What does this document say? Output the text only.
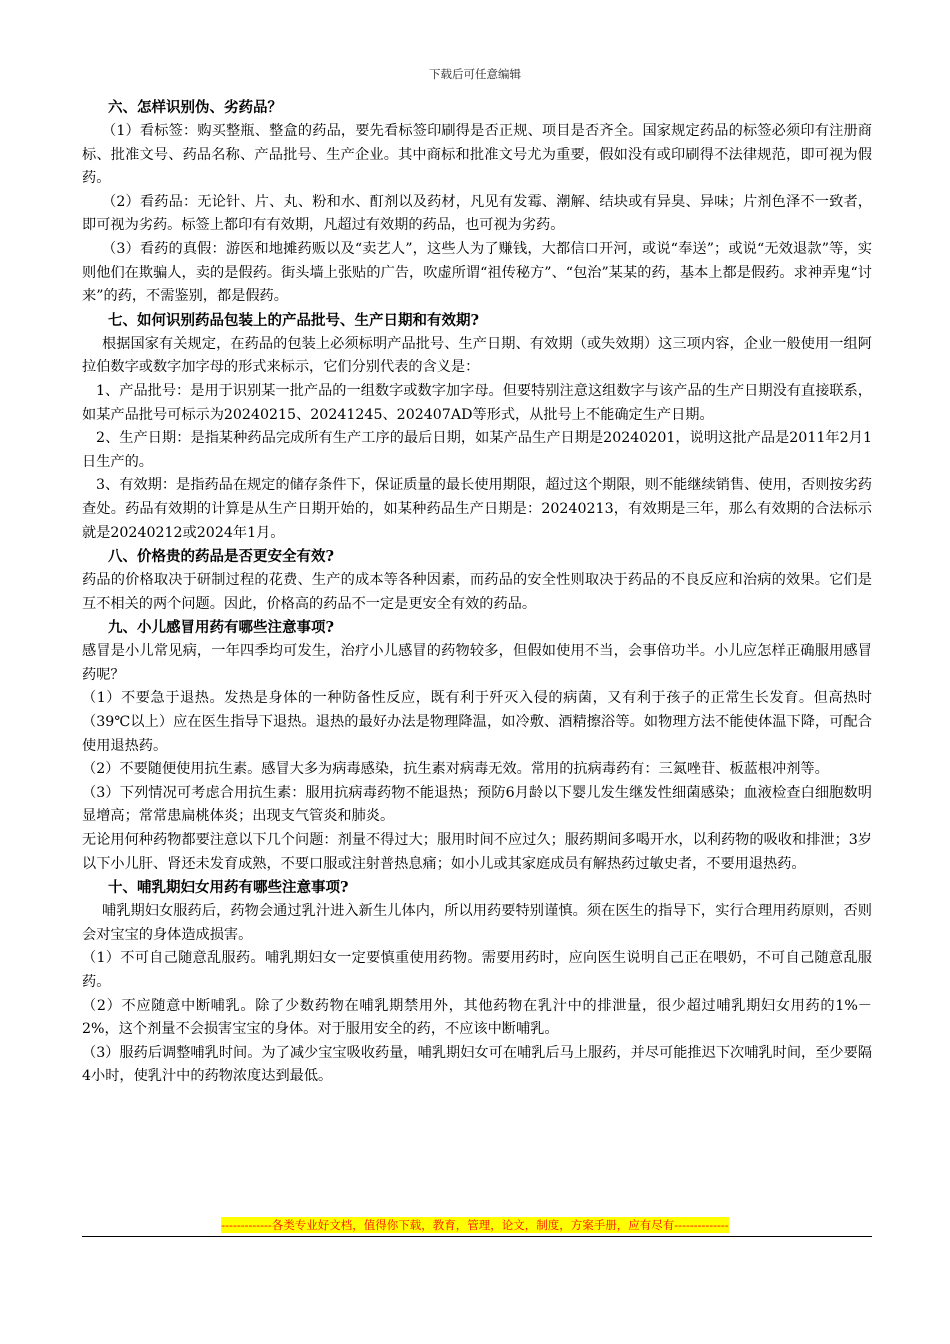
下载后可任意编辑
六、怎样识别伪、劣药品？
（1）看标签：购买整瓶、整盒的药品，要先看标签印刷得是否正规、项目是否齐全。国家规定药品的标签必须印有注册商标、批准文号、药品名称、产品批号、生产企业。其中商标和批准文号尤为重要，假如没有或印刷得不法律规范，即可视为假药。
（2）看药品：无论针、片、丸、粉和水、酊剂以及药材，凡见有发霉、潮解、结块或有异臭、异味；片剂色泽不一致者，即可视为劣药。标签上都印有有效期，凡超过有效期的药品，也可视为劣药。
（3）看药的真假：游医和地摊药贩以及“卖艺人”，这些人为了赚钱，大都信口开河，或说“奉送”；或说“无效退款”等，实则他们在欺骗人，卖的是假药。街头墙上张贴的广告，吹虚所谓“祖传秘方”、“包治”某某的药，基本上都是假药。求神弄鬼“讨来”的药，不需鉴别，都是假药。
七、如何识别药品包装上的产品批号、生产日期和有效期?
根据国家有关规定，在药品的包装上必须标明产品批号、生产日期、有效期（或失效期）这三项内容，企业一般使用一组阿拉伯数字或数字加字母的形式来标示，它们分别代表的含义是：
1、产品批号：是用于识别某一批产品的一组数字或数字加字母。但要特别注意这组数字与该产品的生产日期没有直接联系，如某产品批号可标示为20240215、20241245、202407AD等形式，从批号上不能确定生产日期。
2、生产日期：是指某种药品完成所有生产工序的最后日期，如某产品生产日期是20240201，说明这批产品是2011年2月1日生产的。
3、有效期：是指药品在规定的储存条件下，保证质量的最长使用期限，超过这个期限，则不能继续销售、使用，否则按劣药查处。药品有效期的计算是从生产日期开始的，如某种药品生产日期是：20240213，有效期是三年，那么有效期的合法标示就是20240212或2024年1月。
八、价格贵的药品是否更安全有效?
药品的价格取决于研制过程的花费、生产的成本等各种因素，而药品的安全性则取决于药品的不良反应和治病的效果。它们是互不相关的两个问题。因此，价格高的药品不一定是更安全有效的药品。
九、小儿感冒用药有哪些注意事项?
感冒是小儿常见病，一年四季均可发生，治疗小儿感冒的药物较多，但假如使用不当，会事倍功半。小儿应怎样正确服用感冒药呢？
（1）不要急于退热。发热是身体的一种防备性反应，既有利于歼灭入侵的病菌，又有利于孩子的正常生长发育。但高热时（39℃以上）应在医生指导下退热。退热的最好办法是物理降温，如冷敷、酒精擦浴等。如物理方法不能使体温下降，可配合使用退热药。
（2）不要随便使用抗生素。感冒大多为病毒感染，抗生素对病毒无效。常用的抗病毒药有：三氮唑苷、板蓝根冲剂等。
（3）下列情况可考虑合用抗生素：服用抗病毒药物不能退热；预防6月龄以下婴儿发生继发性细菌感染；血液检查白细胞数明显增高；常常患扁桃体炎；出现支气管炎和肺炎。
无论用何种药物都要注意以下几个问题：剂量不得过大；服用时间不应过久；服药期间多喝开水，以利药物的吸收和排泄；3岁以下小儿肝、肾还未发育成熟，不要口服或注射普热息痛；如小儿或其家庭成员有解热药过敏史者，不要用退热药。
十、哺乳期妇女用药有哪些注意事项?
哺乳期妇女服药后，药物会通过乳汁进入新生儿体内，所以用药要特别谨慎。须在医生的指导下，实行合理用药原则，否则会对宝宝的身体造成损害。
（1）不可自己随意乱服药。哺乳期妇女一定要慎重使用药物。需要用药时，应向医生说明自己正在喂奶，不可自己随意乱服药。
（2）不应随意中断哺乳。除了少数药物在哺乳期禁用外，其他药物在乳汁中的排泄量，很少超过哺乳期妇女用药的1%－2%，这个剂量不会损害宝宝的身体。对于服用安全的药，不应该中断哺乳。
（3）服药后调整哺乳时间。为了减少宝宝吸收药量，哺乳期妇女可在哺乳后马上服药，并尽可能推迟下次哺乳时间，至少要隔4小时，使乳汁中的药物浓度达到最低。
-------------各类专业好文档，值得你下载，教育，管理，论文，制度，方案手册，应有尽有--------------
